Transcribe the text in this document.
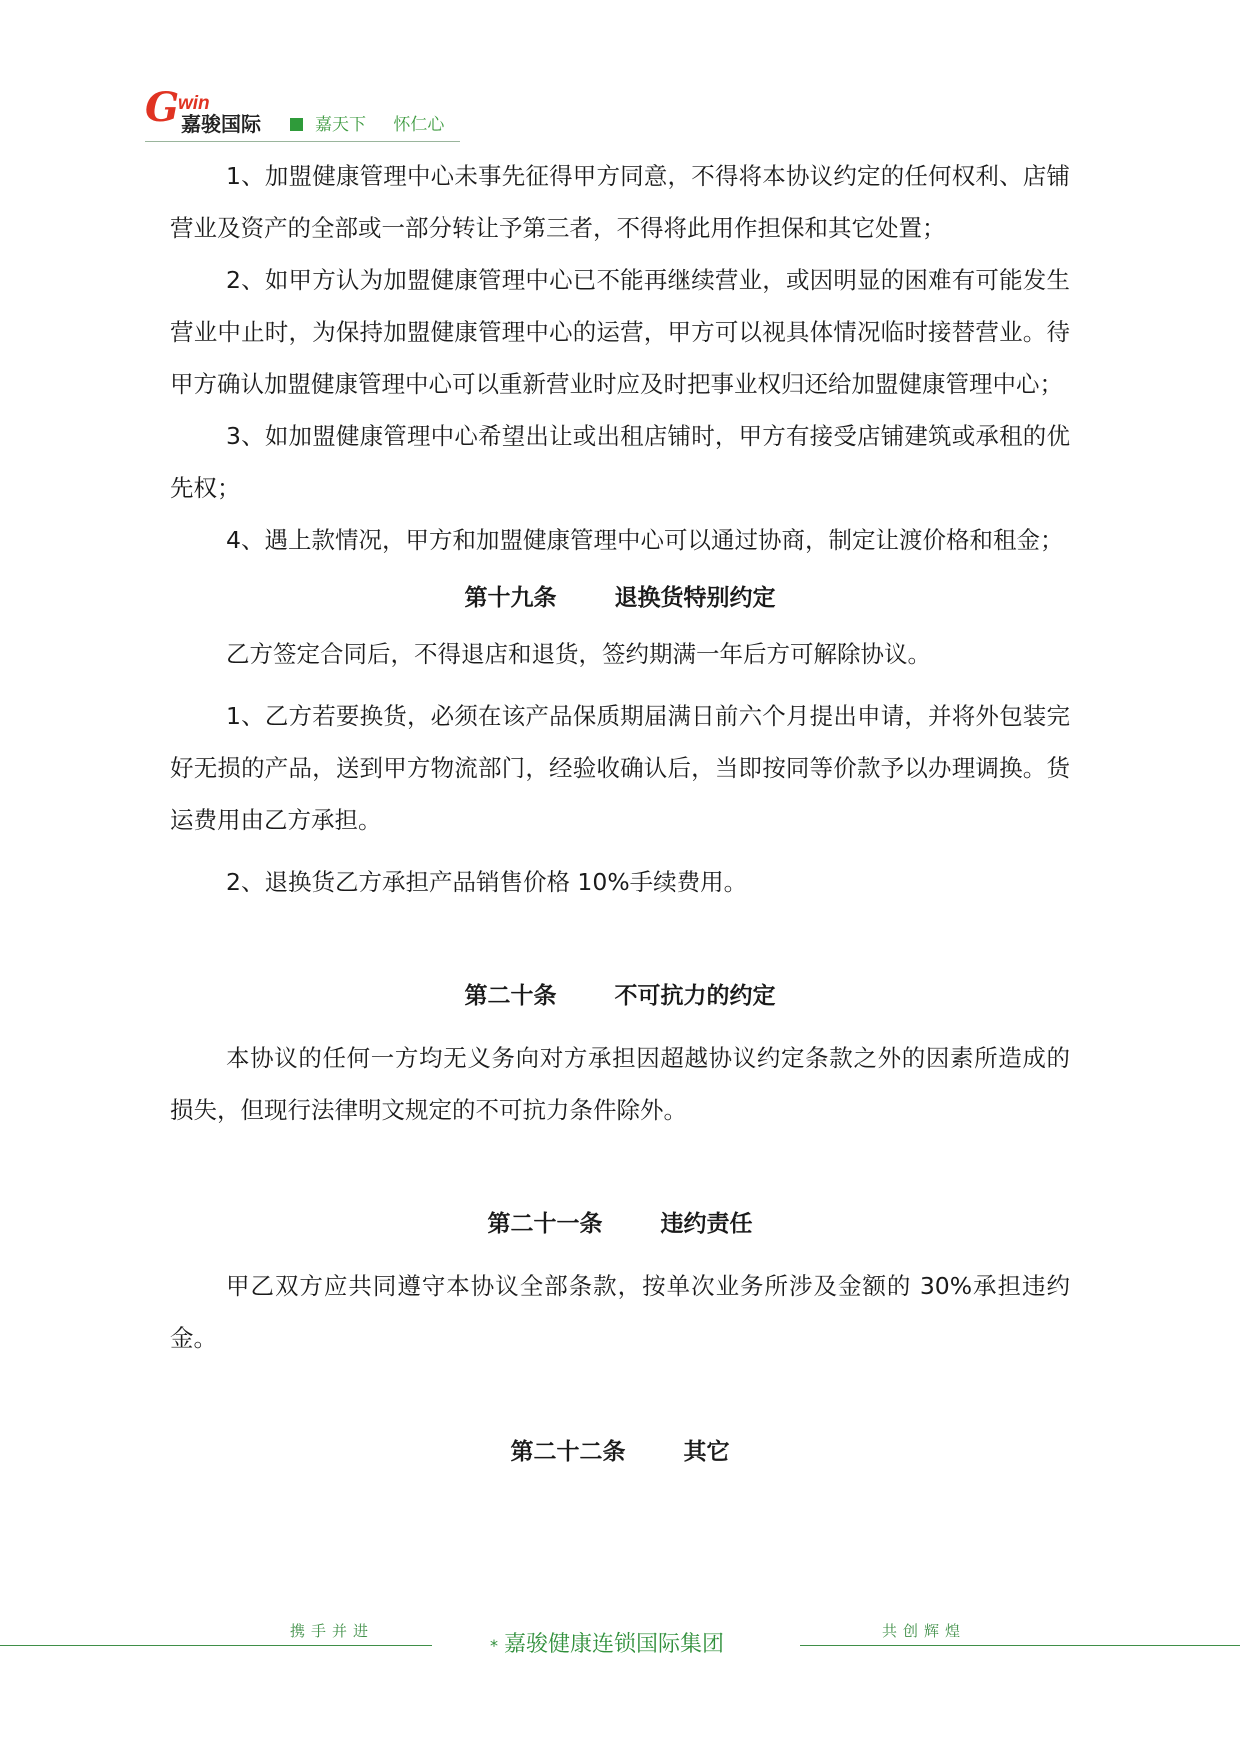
G
win
嘉骏国际	嘉天下 怀仁心

1、加盟健康管理中心未事先征得甲方同意，不得将本协议约定的任何权利、店铺营业及资产的全部或一部分转让予第三者，不得将此用作担保和其它处置；

2、如甲方认为加盟健康管理中心已不能再继续营业，或因明显的困难有可能发生营业中止时，为保持加盟健康管理中心的运营，甲方可以视具体情况临时接替营业。待甲方确认加盟健康管理中心可以重新营业时应及时把事业权归还给加盟健康管理中心；

3、如加盟健康管理中心希望出让或出租店铺时，甲方有接受店铺建筑或承租的优先权；

4、遇上款情况，甲方和加盟健康管理中心可以通过协商，制定让渡价格和租金；

第十九条	退换货特别约定

乙方签定合同后，不得退店和退货，签约期满一年后方可解除协议。

1、乙方若要换货，必须在该产品保质期届满日前六个月提出申请，并将外包装完好无损的产品，送到甲方物流部门，经验收确认后，当即按同等价款予以办理调换。货运费用由乙方承担。

2、退换货乙方承担产品销售价格 10%手续费用。

第二十条	不可抗力的约定

本协议的任何一方均无义务向对方承担因超越协议约定条款之外的因素所造成的损失，但现行法律明文规定的不可抗力条件除外。

第二十一条	违约责任

甲乙双方应共同遵守本协议全部条款，按单次业务所涉及金额的 30%承担违约金。

第二十二条	其它
携手并进	共创辉煌
* 嘉骏健康连锁国际集团
